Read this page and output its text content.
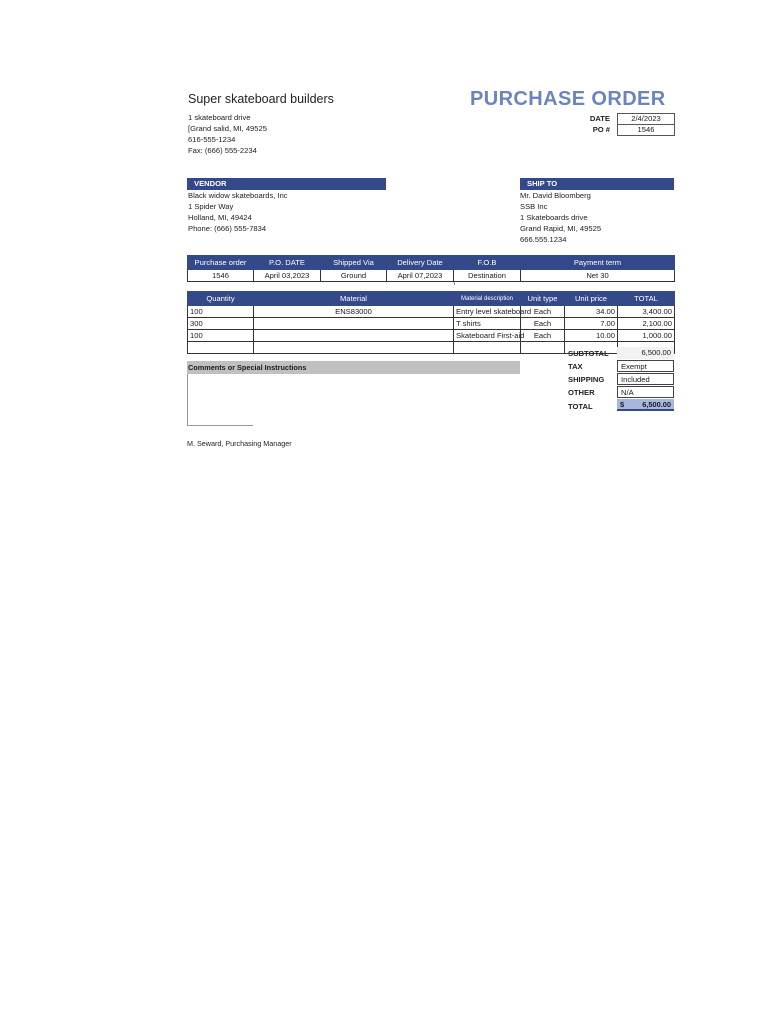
Super skateboard builders
1 skateboard drive
[Grand salid, MI, 49525
616-555-1234
Fax: (666) 555-2234
PURCHASE ORDER
DATE	2/4/2023
PO #	1546
VENDOR
Black widow skateboards, Inc
1 Spider Way
Holland, MI, 49424
Phone: (666) 555-7834
SHIP TO
Mr. David Bloomberg
SSB Inc
1 Skateboards drive
Grand Rapid, MI, 49525
666.555.1234
Purchase order	P.O. DATE	Shipped Via	Delivery Date	F.O.B	Payment term
1546	April 03,2023	Ground	April 07,2023	Destination	Net 30
\
Quantity	Material	Material description	Unit type	Unit price	TOTAL
100	ENS83000	Entry level skateboard	Each	34.00	3,400.00
300		T shirts	Each	7.00	2,100.00
100		Skateboard First-aid	Each	10.00	1,000.00

SUBTOTAL	6,500.00
TAX	Exempt
SHIPPING	Included
OTHER	N/A
TOTAL	$ 6,500.00
Comments or Special Instructions
M. Seward, Purchasing Manager
